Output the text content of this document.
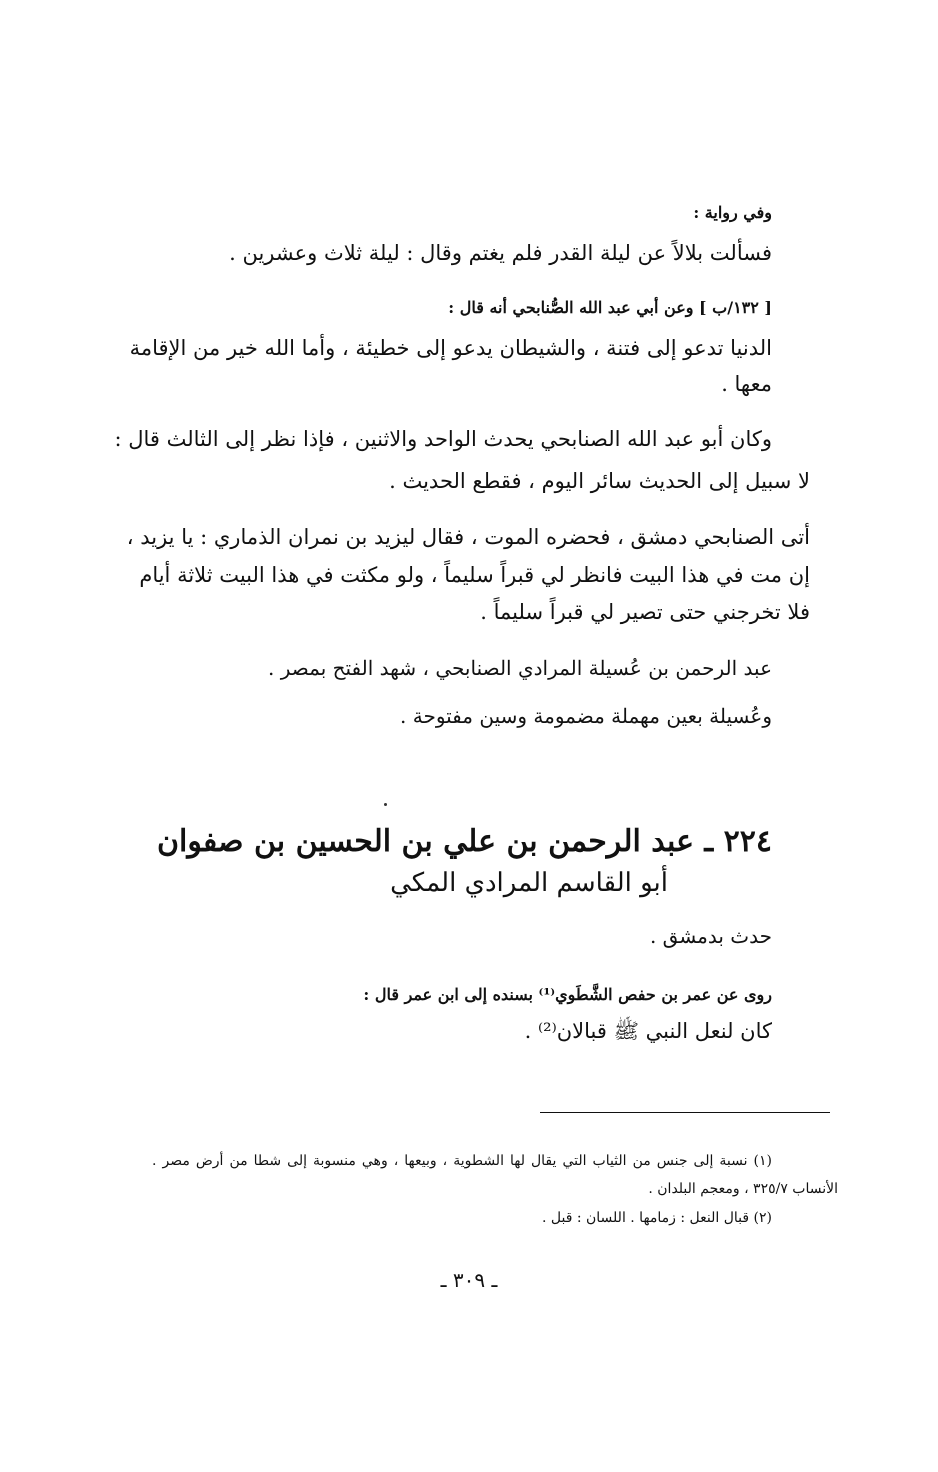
وفي رواية :
فسألت بلالاً عن ليلة القدر فلم يغتم وقال : ليلة ثلاث وعشرين .
[ ١٣٢/ب ] وعن أبي عبد الله الصُّنابحي أنه قال :
الدنيا تدعو إلى فتنة ، والشيطان يدعو إلى خطيئة ، وأما الله خير من الإقامة
معها .
وكان أبو عبد الله الصنابحي يحدث الواحد والاثنين ، فإذا نظر إلى الثالث قال :
لا سبيل إلى الحديث سائر اليوم ، فقطع الحديث .
أتى الصنابحي دمشق ، فحضره الموت ، فقال ليزيد بن نمران الذماري : يا يزيد ،
إن مت في هذا البيت فانظر لي قبراً سليماً ، ولو مكثت في هذا البيت ثلاثة أيام
فلا تخرجني حتى تصير لي قبراً سليماً .
عبد الرحمن بن عُسيلة المرادي الصنابحي ، شهد الفتح بمصر .
وعُسيلة بعين مهملة مضمومة وسين مفتوحة .
٢٢٤ ـ عبد الرحمن بن علي بن الحسين بن صفوان
أبو القاسم المرادي المكي
حدث بدمشق .
روى عن عمر بن حفص الشَّطَوي⁽¹⁾ بسنده إلى ابن عمر قال :
كان لنعل النبي ﷺ قبالان⁽²⁾ .
(١) نسبة إلى جنس من الثياب التي يقال لها الشطوية ، وبيعها ، وهي منسوبة إلى شطا من أرض مصر .
الأنساب ٣٢٥/٧ ، ومعجم البلدان .
(٢) قبال النعل : زمامها . اللسان : قبل .
ـ ٣٠٩ ـ
